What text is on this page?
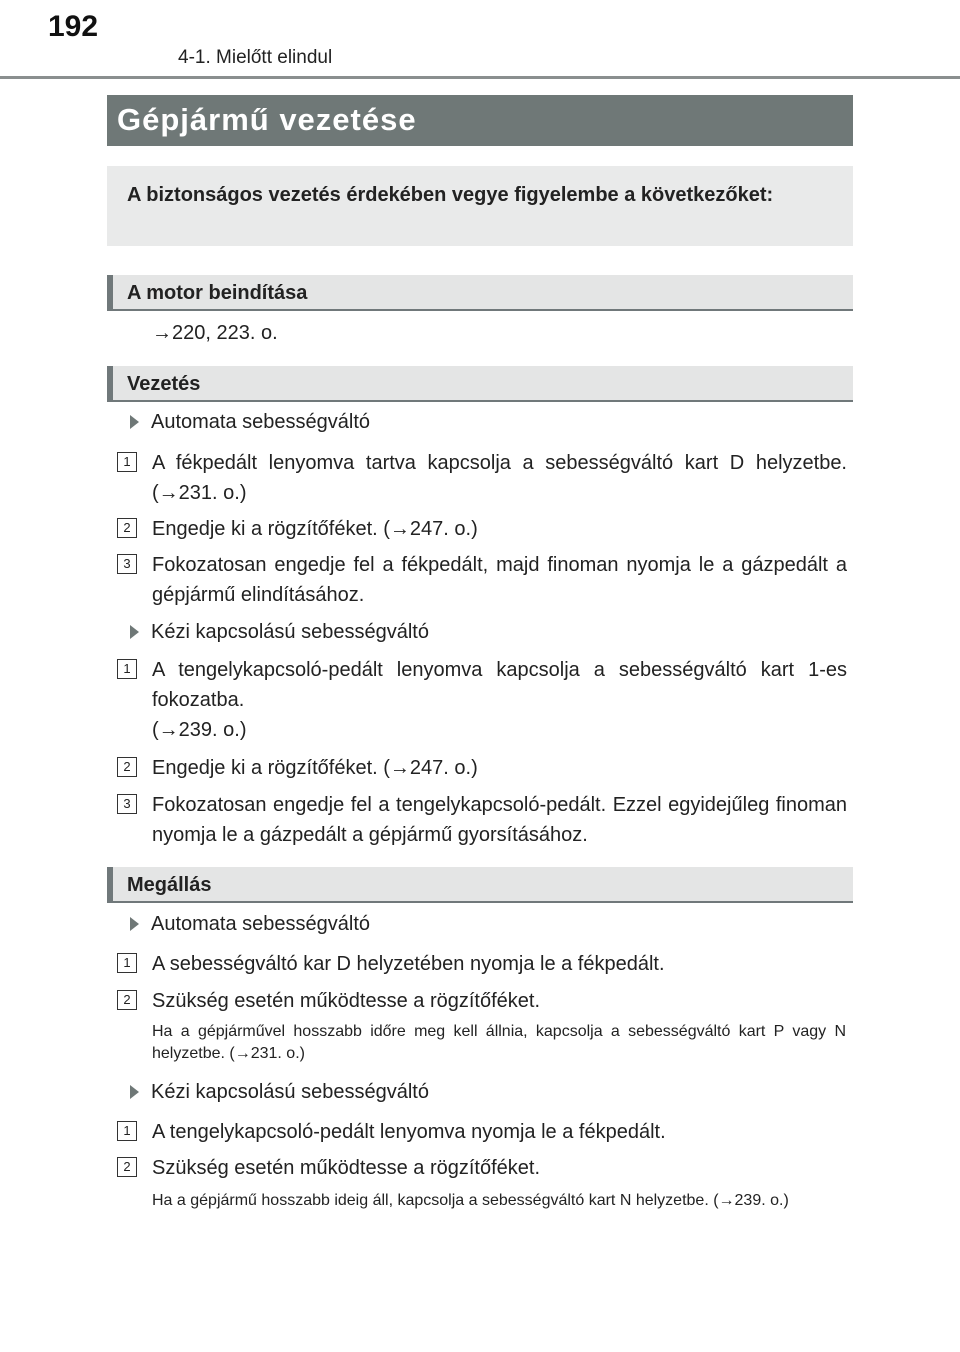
192
4-1. Mielőtt elindul
Gépjármű vezetése
A biztonságos vezetés érdekében vegye figyelembe a következőket:
A motor beindítása
→220, 223. o.
Vezetés
Automata sebességváltó
1	A fékpedált lenyomva tartva kapcsolja a sebességváltó kart D helyzetbe. (→231. o.)
2	Engedje ki a rögzítőféket. (→247. o.)
3	Fokozatosan engedje fel a fékpedált, majd finoman nyomja le a gázpedált a gépjármű elindításához.
Kézi kapcsolású sebességváltó
1	A tengelykapcsoló-pedált lenyomva kapcsolja a sebességváltó kart 1-es fokozatba.
(→239. o.)
2	Engedje ki a rögzítőféket. (→247. o.)
3	Fokozatosan engedje fel a tengelykapcsoló-pedált. Ezzel egyidejűleg finoman nyomja le a gázpedált a gépjármű gyorsításához.
Megállás
Automata sebességváltó
1	A sebességváltó kar D helyzetében nyomja le a fékpedált.
2	Szükség esetén működtesse a rögzítőféket.
Ha a gépjárművel hosszabb időre meg kell állnia, kapcsolja a sebességváltó kart P vagy N helyzetbe. (→231. o.)
Kézi kapcsolású sebességváltó
1	A tengelykapcsoló-pedált lenyomva nyomja le a fékpedált.
2	Szükség esetén működtesse a rögzítőféket.
Ha a gépjármű hosszabb ideig áll, kapcsolja a sebességváltó kart N helyzetbe. (→239. o.)
